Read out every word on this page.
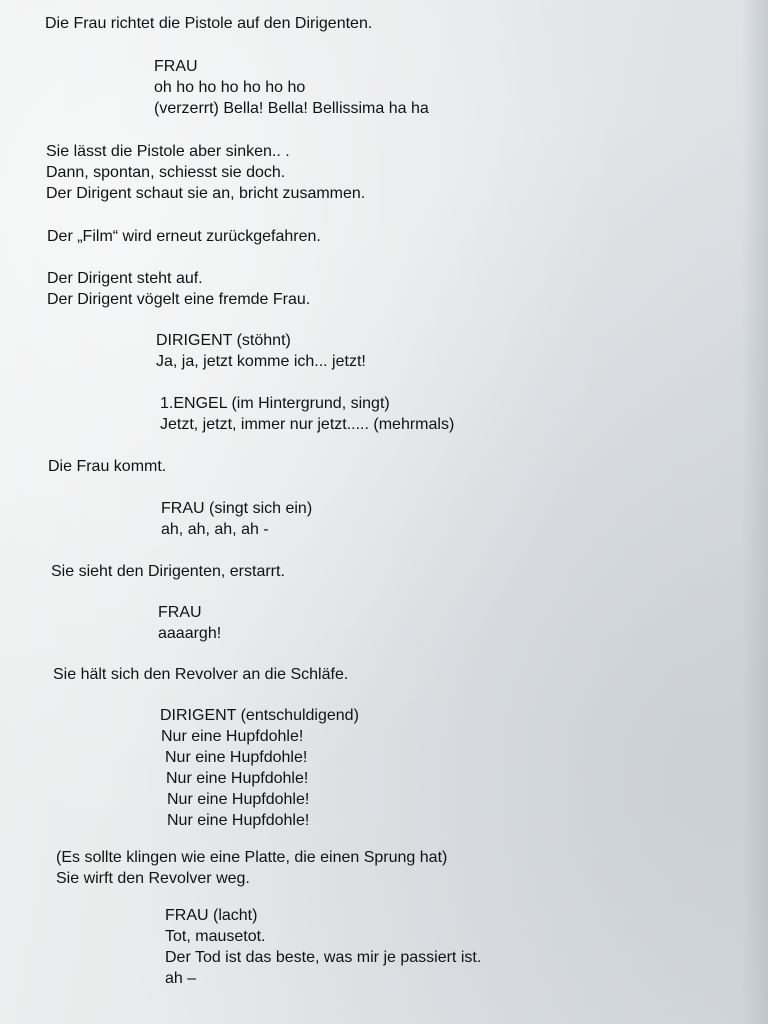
Die Frau richtet die Pistole auf den Dirigenten.
FRAU
oh ho ho ho ho ho ho
(verzerrt) Bella! Bella! Bellissima ha ha
Sie lässt die Pistole aber sinken.. .
Dann, spontan, schiesst sie doch.
Der Dirigent schaut sie an, bricht zusammen.
Der „Film“ wird erneut zurückgefahren.
Der Dirigent steht auf.
Der Dirigent vögelt eine fremde Frau.
DIRIGENT (stöhnt)
Ja, ja, jetzt komme ich... jetzt!
1.ENGEL (im Hintergrund, singt)
Jetzt, jetzt, immer nur jetzt..... (mehrmals)
Die Frau kommt.
FRAU (singt sich ein)
ah, ah, ah, ah -
Sie sieht den Dirigenten, erstarrt.
FRAU
aaaargh!
Sie hält sich den Revolver an die Schläfe.
DIRIGENT (entschuldigend)
Nur eine Hupfdohle!
Nur eine Hupfdohle!
Nur eine Hupfdohle!
Nur eine Hupfdohle!
Nur eine Hupfdohle!
(Es sollte klingen wie eine Platte, die einen Sprung hat)
Sie wirft den Revolver weg.
FRAU (lacht)
Tot, mausetot.
Der Tod ist das beste, was mir je passiert ist.
ah –
